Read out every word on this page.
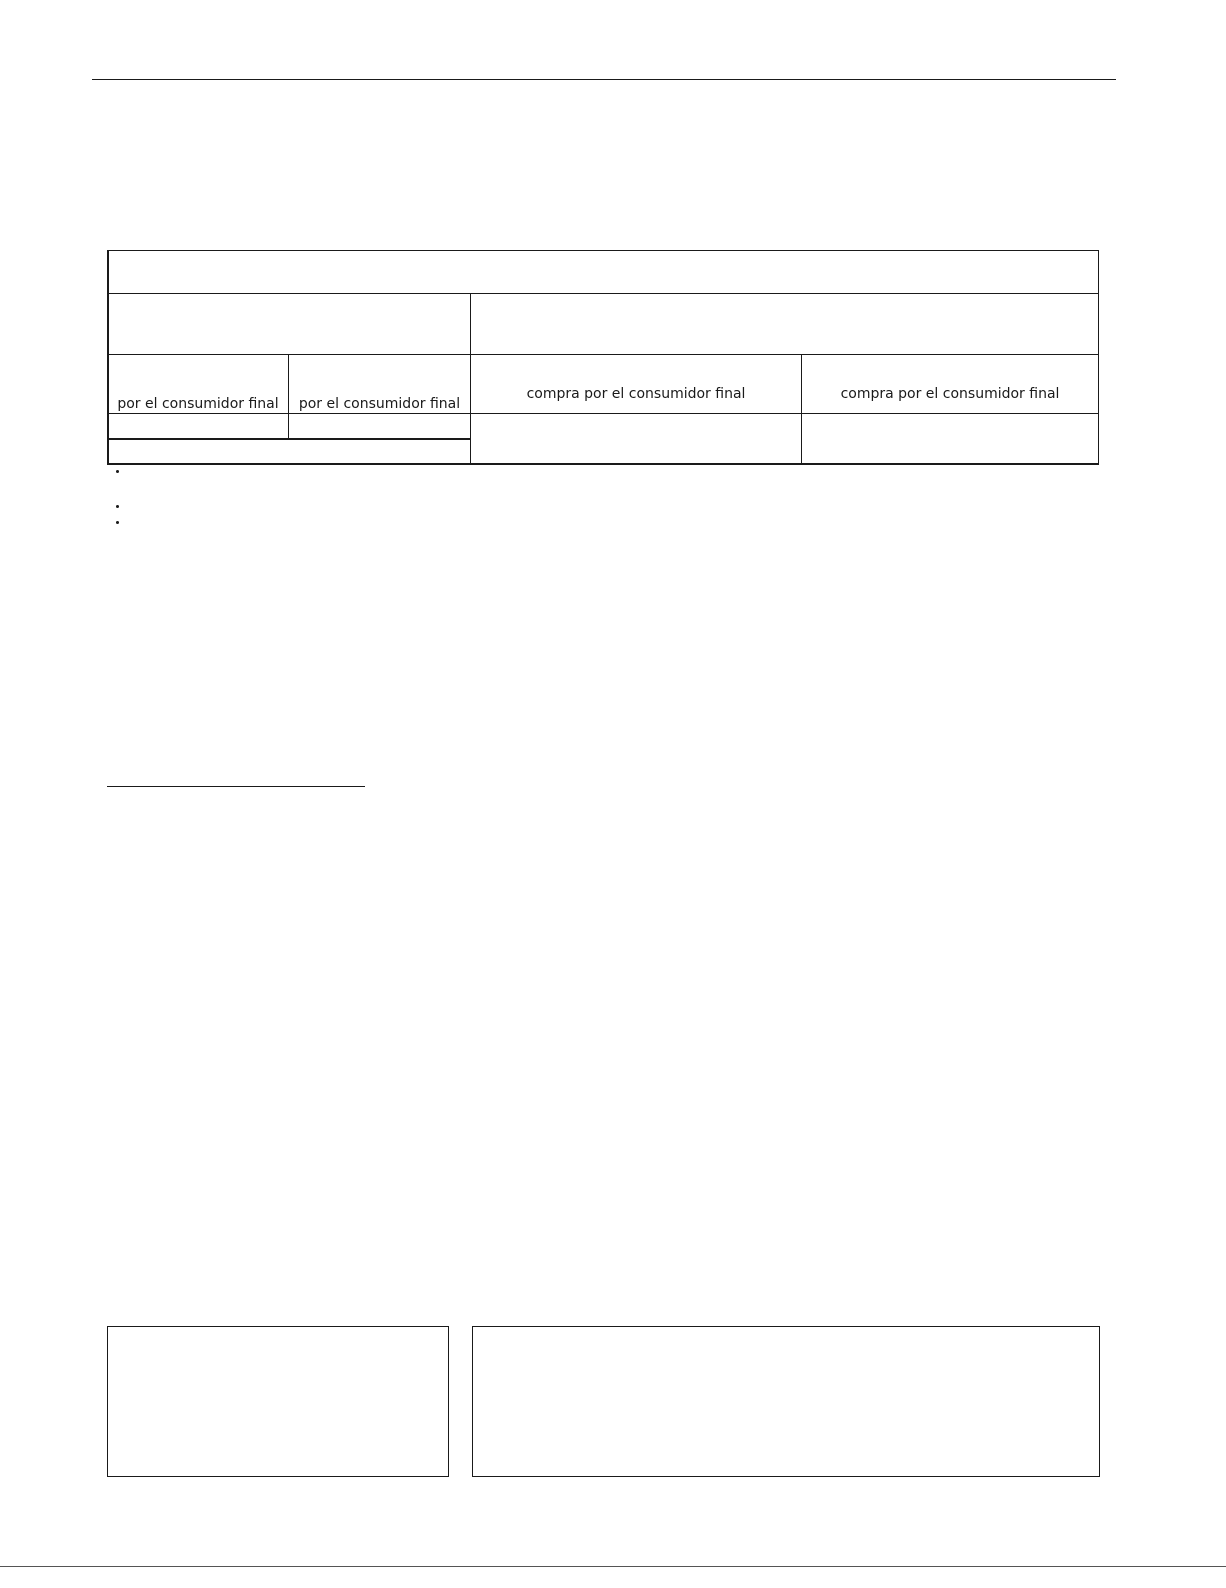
por el consumidor final	por el consumidor final
compra por el consumidor final	compra por el consumidor final
